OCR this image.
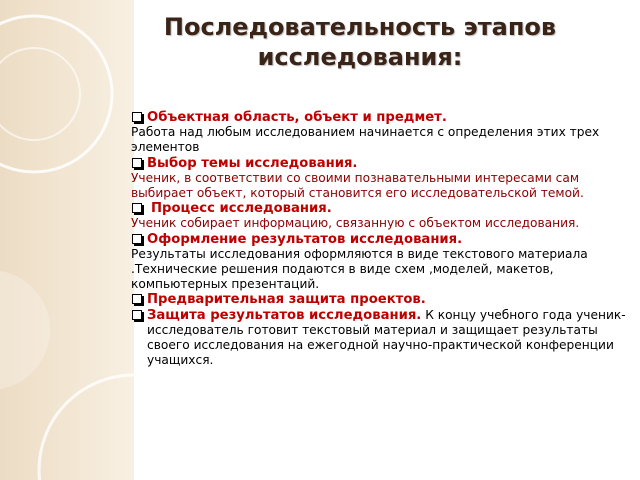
Последовательность этапов
исследования:
Объектная область, объект и предмет.
Работа над любым исследованием начинается с определения этих трех элементов
Выбор темы исследования.
Ученик, в соответствии со своими познавательными интересами сам выбирает объект, который становится его исследовательской темой.
Процесс исследования.
Ученик собирает информацию, связанную с объектом исследования.
Оформление результатов исследования.
Результаты исследования оформляются в виде текстового материала .Технические решения подаются в виде схем ,моделей, макетов, компьютерных презентаций.
Предварительная защита проектов.
Защита результатов исследования. К концу учебного года ученик-исследователь готовит текстовый материал и защищает результаты своего исследования на ежегодной научно-практической конференции учащихся.
